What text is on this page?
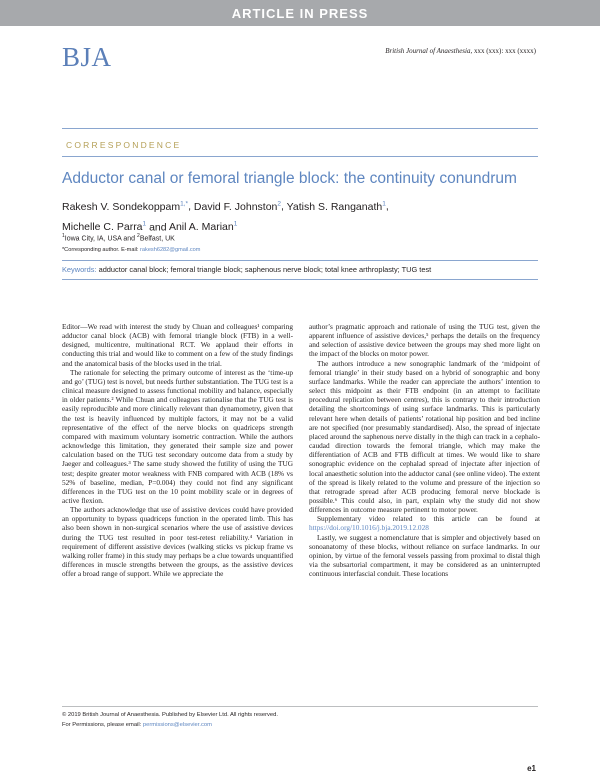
ARTICLE IN PRESS
BJA	British Journal of Anaesthesia, xxx (xxx): xxx (xxxx)
CORRESPONDENCE
Adductor canal or femoral triangle block: the continuity conundrum
Rakesh V. Sondekoppam$^{1,*}$, David F. Johnston$^2$, Yatish S. Ranganath$^1$,
Michelle C. Parra$^1$ and Anil A. Marian$^1$
$^1$Iowa City, IA, USA and $^2$Belfast, UK
*Corresponding author. E-mail: rakesh6282@gmail.com
Keywords: adductor canal block; femoral triangle block; saphenous nerve block; total knee arthroplasty; TUG test

Editor—We read with interest the study by Chuan and colleagues¹ comparing adductor canal block (ACB) with femoral triangle block (FTB) in a well-designed, multicentre, multinational RCT. We applaud their efforts in conducting this trial and would like to comment on a few of the study findings and the anatomical basis of the blocks used in the trial.

The rationale for selecting the primary outcome of interest as the ‘time-up and go’ (TUG) test is novel, but needs further substantiation. The TUG test is a clinical measure designed to assess functional mobility and balance, especially in older patients.² While Chuan and colleagues rationalise that the TUG test is easily reproducible and more clinically relevant than dynamometry, given that the test is heavily influenced by multiple factors, it may not be a valid representative of the effect of the nerve blocks on quadriceps strength compared with maximum voluntary isometric contraction. While the authors acknowledge this limitation, they generated their sample size and power calculation based on the TUG test secondary outcome data from a study by Jaeger and colleagues.³ The same study showed the futility of using the TUG test; despite greater motor weakness with FNB compared with ACB (18% vs 52% of baseline, median, P=0.004) they could not find any significant differences in the TUG test on the 10 point mobility scale or in degrees of active flexion.

The authors acknowledge that use of assistive devices could have provided an opportunity to bypass quadriceps function in the operated limb. This has also been shown in non-surgical scenarios where the use of assistive devices during the TUG test resulted in poor test-retest reliability.⁴ Variation in requirement of different assistive devices (walking sticks vs pickup frame vs walking roller frame) in this study may perhaps be a clue towards unquantified differences in muscle strengths between the groups, as the assistive devices offer a broad range of support. While we appreciate the

author’s pragmatic approach and rationale of using the TUG test, given the apparent influence of assistive devices,⁵ perhaps the details on the frequency and selection of assistive device between the groups may shed more light on the impact of the blocks on motor power.

The authors introduce a new sonographic landmark of the ‘midpoint of femoral triangle’ in their study based on a hybrid of sonographic and bony surface landmarks. While the reader can appreciate the authors’ intention to select this midpoint as their FTB endpoint (in an attempt to facilitate procedural replication between centres), this is contrary to their introduction detailing the shortcomings of using surface landmarks. This is particularly relevant here when details of patients’ rotational hip position and bed incline are not specified (nor presumably standardised). Also, the spread of injectate placed around the saphenous nerve distally in the thigh can track in a cephalo-caudad direction towards the femoral triangle, which may make the differentiation of ACB and FTB difficult at times. We would like to share sonographic evidence on the cephalad spread of injectate after injection of local anaesthetic solution into the adductor canal (see online video). The extent of the spread is likely related to the volume and pressure of the injection so that retrograde spread after ACB producing femoral nerve blockade is possible.⁶ This could also, in part, explain why the study did not show differences in outcome measure pertinent to motor power.

Supplementary video related to this article can be found at https://doi.org/10.1016/j.bja.2019.12.028

Lastly, we suggest a nomenclature that is simpler and objectively based on sonoanatomy of these blocks, without reliance on surface landmarks. In our opinion, by virtue of the femoral vessels passing from proximal to distal thigh via the subsartorial compartment, it may be considered as an uninterrupted continuous interfascial conduit. These locations

© 2019 British Journal of Anaesthesia. Published by Elsevier Ltd. All rights reserved.
For Permissions, please email: permissions@elsevier.com
e1
